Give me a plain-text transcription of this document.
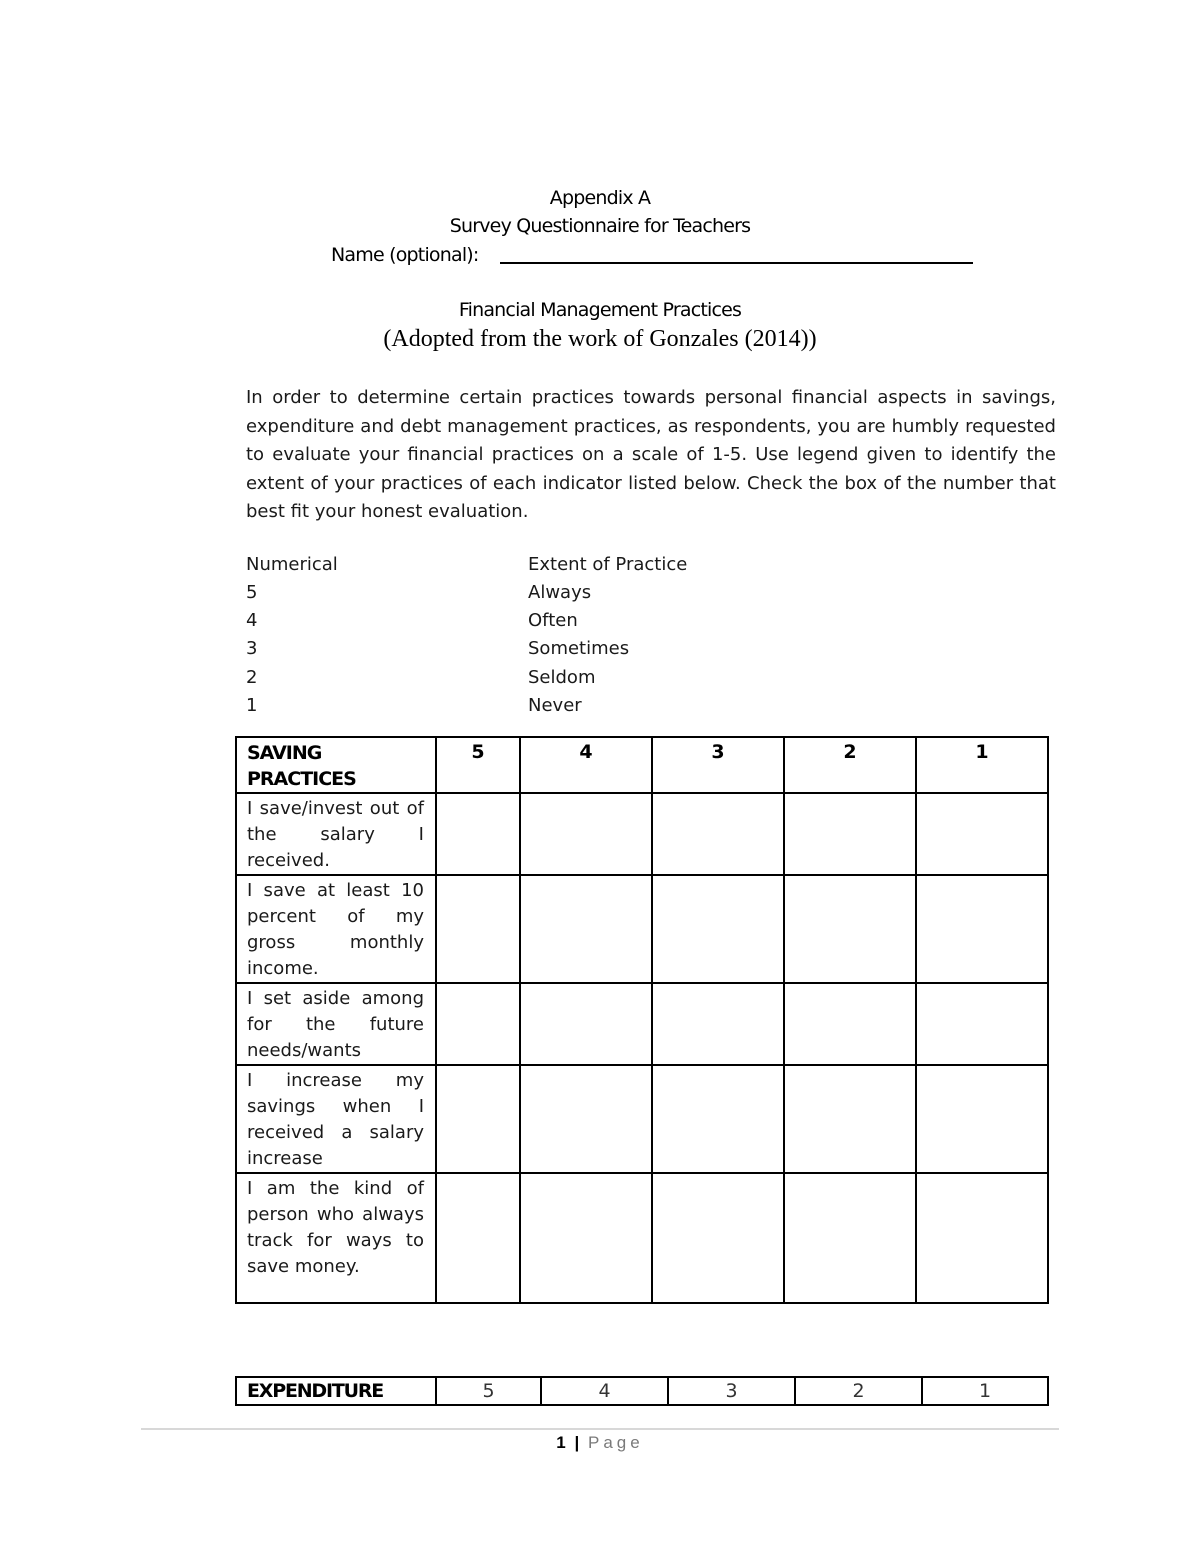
Appendix A
Survey Questionnaire for Teachers
Name (optional):
Financial Management Practices
(Adopted from the work of Gonzales (2014))
In order to determine certain practices towards personal financial aspects in savings, expenditure and debt management practices, as respondents, you are humbly requested to evaluate your financial practices on a scale of 1-5. Use legend given to identify the extent of your practices of each indicator listed below. Check the box of the number that best fit your honest evaluation.
Numerical	Extent of Practice
5	Always
4	Often
3	Sometimes
2	Seldom
1	Never
SAVING PRACTICES	5	4	3	2	1
I save/invest out of the salary I received.					
I save at least 10 percent of my gross monthly income.					
I set aside among for the future needs/wants					
I increase my savings when I received a salary increase					
I am the kind of person who always track for ways to save money.					
EXPENDITURE	5	4	3	2	1
1 | Page
